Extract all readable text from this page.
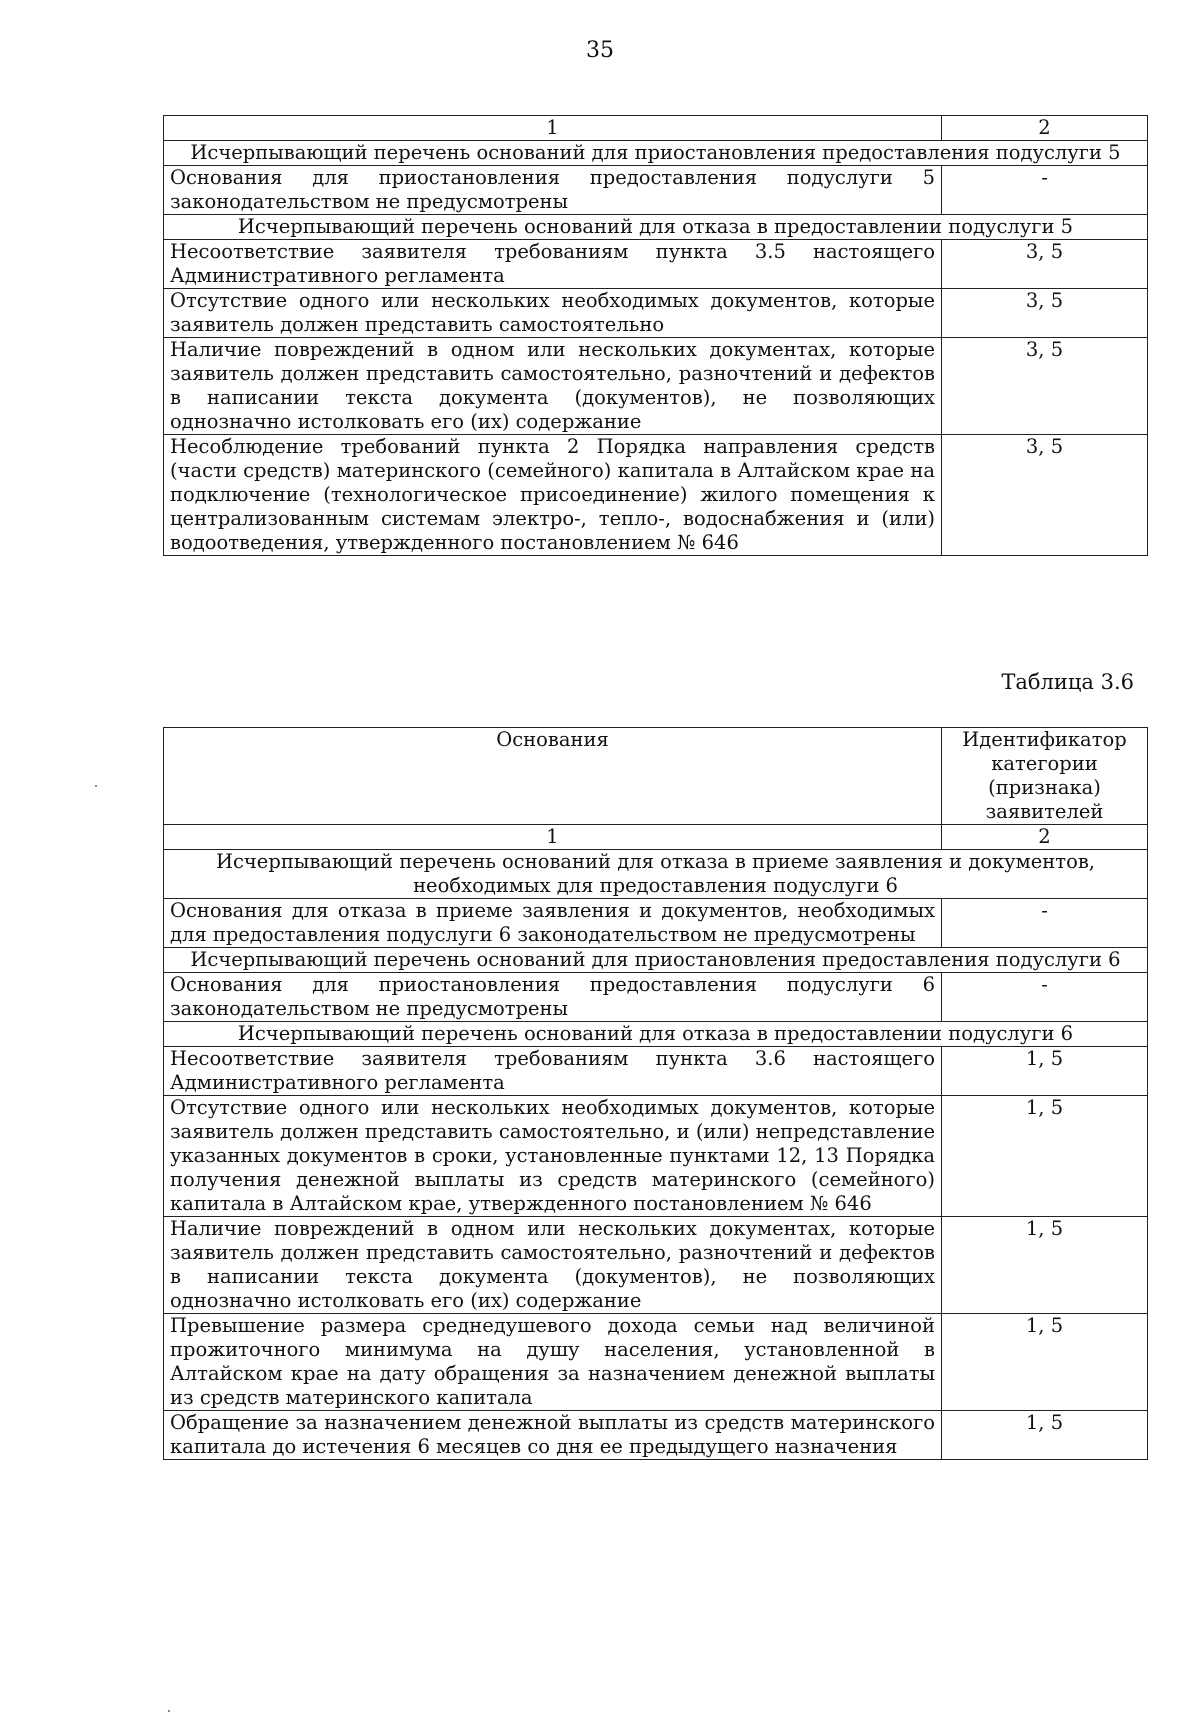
35
1	2
Исчерпывающий перечень оснований для приостановления предоставления подуслуги 5	
Основания для приостановления предоставления подуслуги 5 законодательством не предусмотрены	-
Исчерпывающий перечень оснований для отказа в предоставлении подуслуги 5	
Несоответствие заявителя требованиям пункта 3.5 настоящего Административного регламента	3, 5
Отсутствие одного или нескольких необходимых документов, которые заявитель должен представить самостоятельно	3, 5
Наличие повреждений в одном или нескольких документах, которые заявитель должен представить самостоятельно, разночтений и дефектов в написании текста документа (документов), не позволяющих однозначно истолковать его (их) содержание	3, 5
Несоблюдение требований пункта 2 Порядка направления средств (части средств) материнского (семейного) капитала в Алтайском крае на подключение (технологическое присоединение) жилого помещения к централизованным системам электро-, тепло-, водоснабжения и (или) водоотведения, утвержденного постановлением № 646	3, 5
Таблица 3.6
Основания	Идентификатор категории (признака) заявителей
1	2
Исчерпывающий перечень оснований для отказа в приеме заявления и документов, необходимых для предоставления подуслуги 6	
Основания для отказа в приеме заявления и документов, необходимых для предоставления подуслуги 6 законодательством не предусмотрены	-
Исчерпывающий перечень оснований для приостановления предоставления подуслуги 6	
Основания для приостановления предоставления подуслуги 6 законодательством не предусмотрены	-
Исчерпывающий перечень оснований для отказа в предоставлении подуслуги 6	
Несоответствие заявителя требованиям пункта 3.6 настоящего Административного регламента	1, 5
Отсутствие одного или нескольких необходимых документов, которые заявитель должен представить самостоятельно, и (или) непредставление указанных документов в сроки, установленные пунктами 12, 13 Порядка получения денежной выплаты из средств материнского (семейного) капитала в Алтайском крае, утвержденного постановлением № 646	1, 5
Наличие повреждений в одном или нескольких документах, которые заявитель должен представить самостоятельно, разночтений и дефектов в написании текста документа (документов), не позволяющих однозначно истолковать его (их) содержание	1, 5
Превышение размера среднедушевого дохода семьи над величиной прожиточного минимума на душу населения, установленной в Алтайском крае на дату обращения за назначением денежной выплаты из средств материнского капитала	1, 5
Обращение за назначением денежной выплаты из средств материнского капитала до истечения 6 месяцев со дня ее предыдущего назначения	1, 5
